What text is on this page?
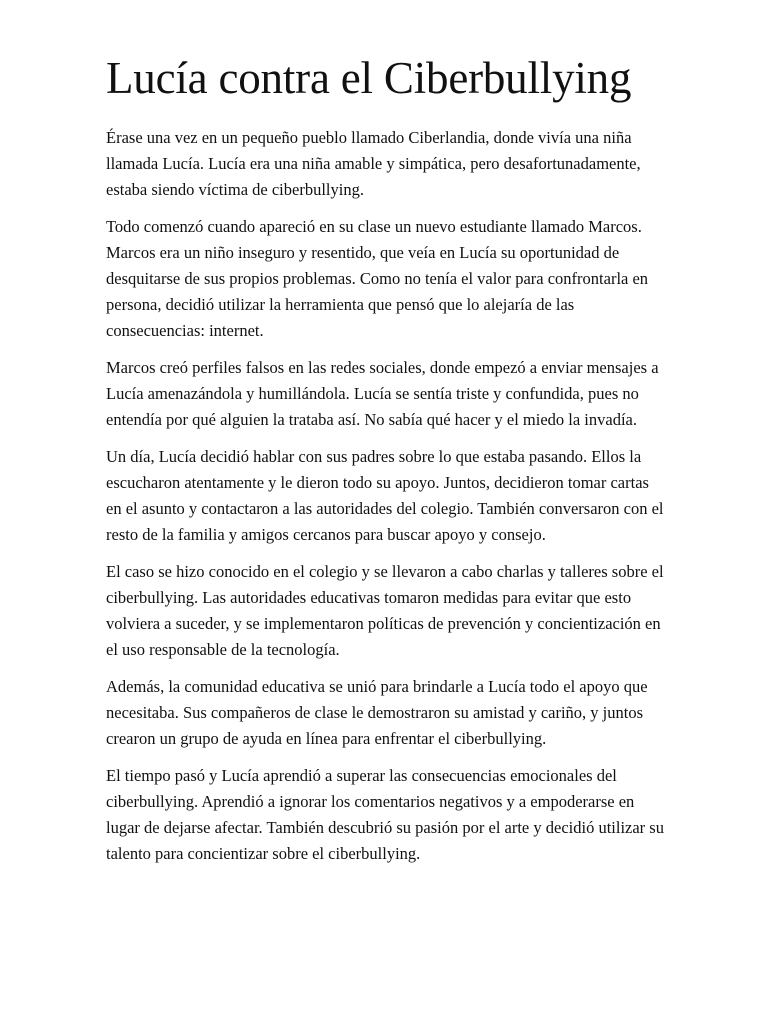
Lucía contra el Ciberbullying

Érase una vez en un pequeño pueblo llamado Ciberlandia, donde vivía una niña llamada Lucía. Lucía era una niña amable y simpática, pero desafortunadamente, estaba siendo víctima de ciberbullying.

Todo comenzó cuando apareció en su clase un nuevo estudiante llamado Marcos. Marcos era un niño inseguro y resentido, que veía en Lucía su oportunidad de desquitarse de sus propios problemas. Como no tenía el valor para confrontarla en persona, decidió utilizar la herramienta que pensó que lo alejaría de las consecuencias: internet.

Marcos creó perfiles falsos en las redes sociales, donde empezó a enviar mensajes a Lucía amenazándola y humillándola. Lucía se sentía triste y confundida, pues no entendía por qué alguien la trataba así. No sabía qué hacer y el miedo la invadía.

Un día, Lucía decidió hablar con sus padres sobre lo que estaba pasando. Ellos la escucharon atentamente y le dieron todo su apoyo. Juntos, decidieron tomar cartas en el asunto y contactaron a las autoridades del colegio. También conversaron con el resto de la familia y amigos cercanos para buscar apoyo y consejo.

El caso se hizo conocido en el colegio y se llevaron a cabo charlas y talleres sobre el ciberbullying. Las autoridades educativas tomaron medidas para evitar que esto volviera a suceder, y se implementaron políticas de prevención y concientización en el uso responsable de la tecnología.

Además, la comunidad educativa se unió para brindarle a Lucía todo el apoyo que necesitaba. Sus compañeros de clase le demostraron su amistad y cariño, y juntos crearon un grupo de ayuda en línea para enfrentar el ciberbullying.

El tiempo pasó y Lucía aprendió a superar las consecuencias emocionales del ciberbullying. Aprendió a ignorar los comentarios negativos y a empoderarse en lugar de dejarse afectar. También descubrió su pasión por el arte y decidió utilizar su talento para concientizar sobre el ciberbullying.
